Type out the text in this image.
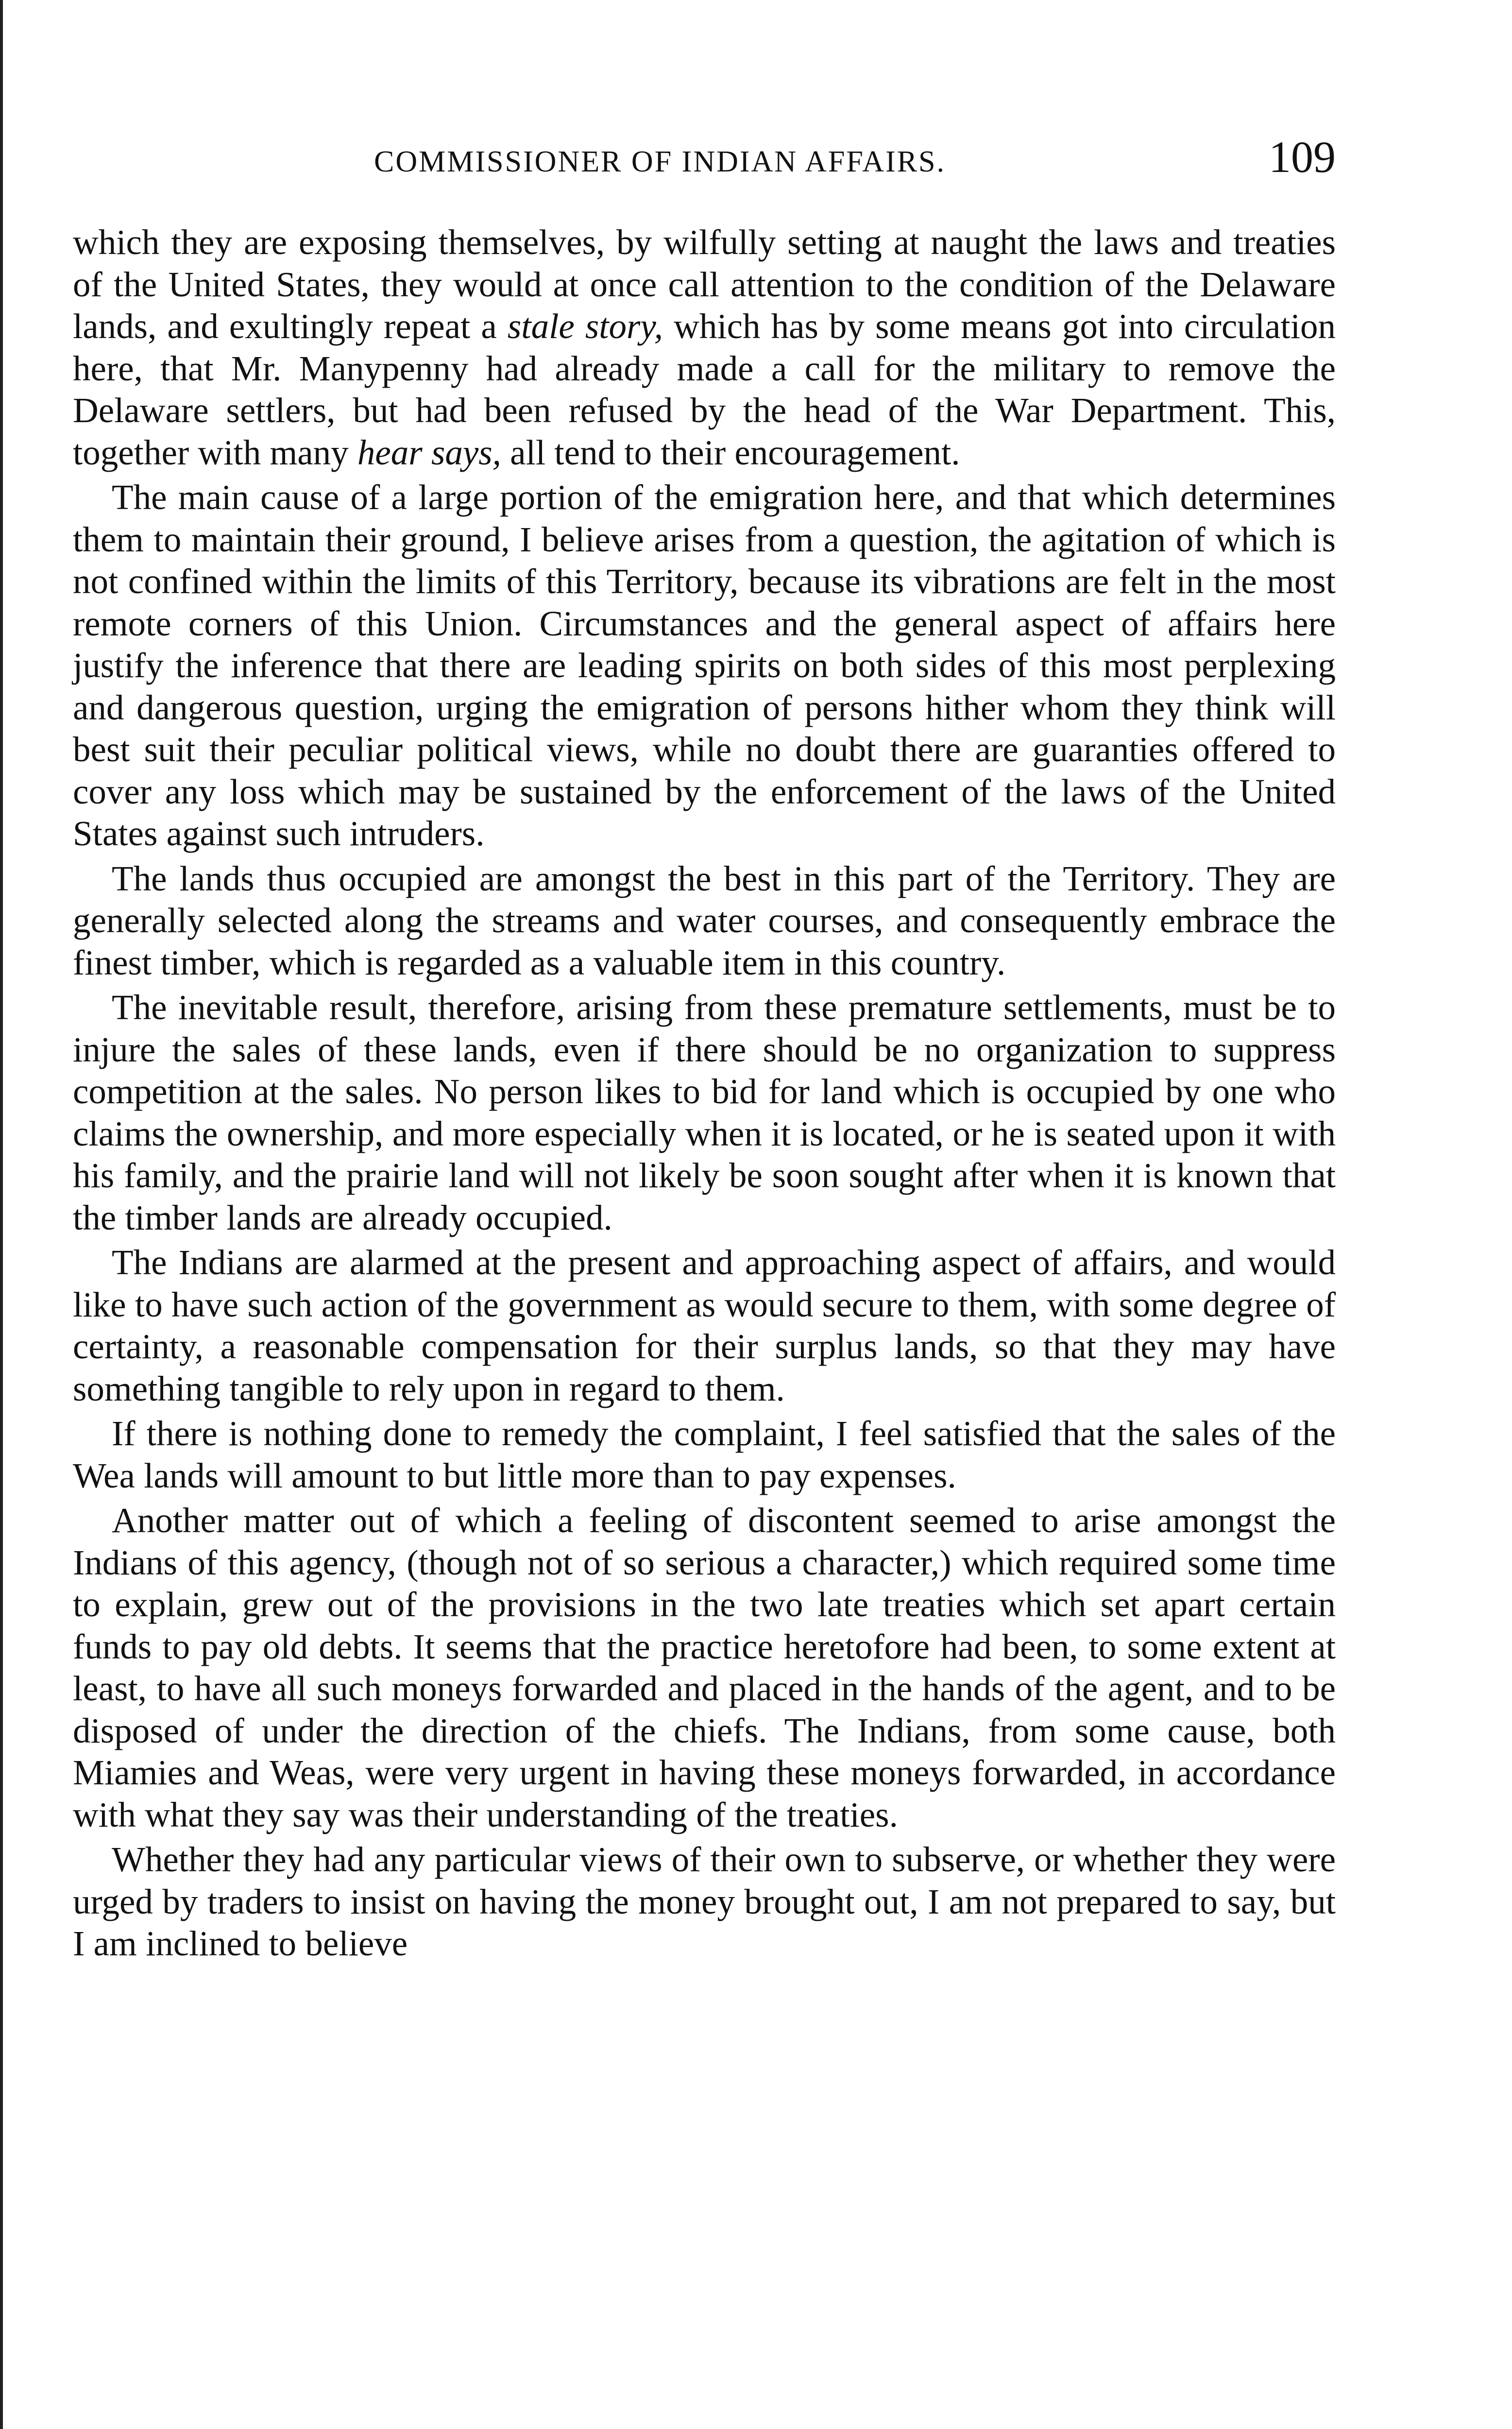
COMMISSIONER OF INDIAN AFFAIRS.	109

which they are exposing themselves, by wilfully setting at naught the laws and treaties of the United States, they would at once call attention to the condition of the Delaware lands, and exultingly repeat a stale story, which has by some means got into circulation here, that Mr. Manypenny had already made a call for the military to remove the Delaware settlers, but had been refused by the head of the War Department. This, together with many hear says, all tend to their encouragement.

The main cause of a large portion of the emigration here, and that which determines them to maintain their ground, I believe arises from a question, the agitation of which is not confined within the limits of this Territory, because its vibrations are felt in the most remote corners of this Union. Circumstances and the general aspect of affairs here justify the inference that there are leading spirits on both sides of this most perplexing and dangerous question, urging the emigration of persons hither whom they think will best suit their peculiar political views, while no doubt there are guaranties offered to cover any loss which may be sustained by the enforcement of the laws of the United States against such intruders.

The lands thus occupied are amongst the best in this part of the Territory. They are generally selected along the streams and water courses, and consequently embrace the finest timber, which is regarded as a valuable item in this country.

The inevitable result, therefore, arising from these premature settlements, must be to injure the sales of these lands, even if there should be no organization to suppress competition at the sales. No person likes to bid for land which is occupied by one who claims the ownership, and more especially when it is located, or he is seated upon it with his family, and the prairie land will not likely be soon sought after when it is known that the timber lands are already occupied.

The Indians are alarmed at the present and approaching aspect of affairs, and would like to have such action of the government as would secure to them, with some degree of certainty, a reasonable compensation for their surplus lands, so that they may have something tangible to rely upon in regard to them.

If there is nothing done to remedy the complaint, I feel satisfied that the sales of the Wea lands will amount to but little more than to pay expenses.

Another matter out of which a feeling of discontent seemed to arise amongst the Indians of this agency, (though not of so serious a character,) which required some time to explain, grew out of the provisions in the two late treaties which set apart certain funds to pay old debts. It seems that the practice heretofore had been, to some extent at least, to have all such moneys forwarded and placed in the hands of the agent, and to be disposed of under the direction of the chiefs. The Indians, from some cause, both Miamies and Weas, were very urgent in having these moneys forwarded, in accordance with what they say was their understanding of the treaties.

Whether they had any particular views of their own to subserve, or whether they were urged by traders to insist on having the money brought out, I am not prepared to say, but I am inclined to believe
